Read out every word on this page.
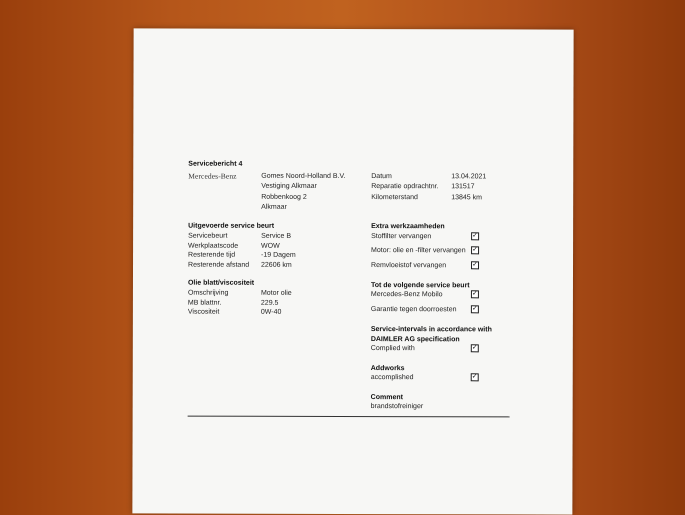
Servicebericht 4
Mercedes-Benz	Gomes Noord-Holland B.V.
Vestiging Alkmaar
Robbenkoog 2
Alkmaar
Datum	13.04.2021
Reparatie opdrachtnr. 131517
Kilometerstand	13845 km
Uitgevoerde service beurt
Servicebeurt	Service B
Werkplaatscode	WOW
Resterende tijd	-19 Dagem
Resterende afstand 22606 km
Olie blatt/viscositeit
Omschrijving	Motor olie
MB blattnr.	229.5
Viscositeit	0W-40
Extra werkzaamheden
Stoffilter vervangen	✓
Motor: olie en -filter vervangen ✓
Remvloeistof vervangen	✓
Tot de volgende service beurt
Mercedes-Benz Mobilo	✓
Garantie tegen doorroesten ✓
Service-intervals in accordance with
DAIMLER AG specification
Complied with	✓
Addworks
accomplished	✓
Comment
brandstofreiniger
